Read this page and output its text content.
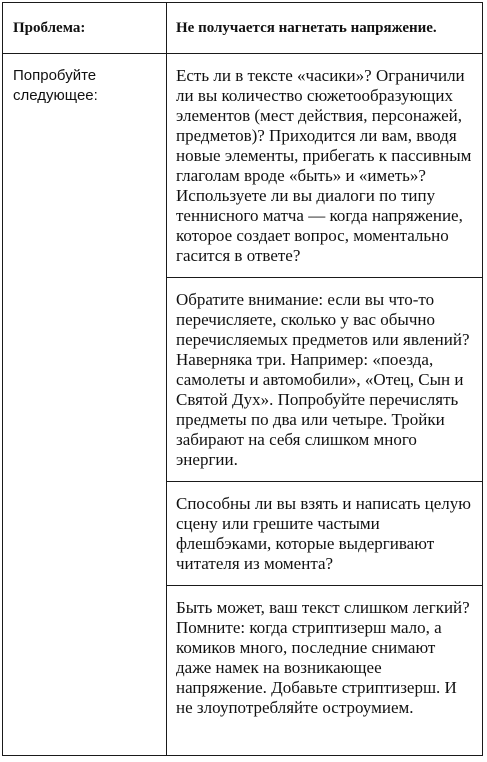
Проблема:	Не получается нагнетать напряжение.
Попробуйте следующее:
Есть ли в тексте «часики»? Ограничили ли вы количество сюжетообразующих элементов (мест действия, персонажей, предметов)? Приходится ли вам, вводя новые элементы, прибегать к пассивным глаголам вроде «быть» и «иметь»? Используете ли вы диалоги по типу теннисного матча — когда напряжение, которое создает вопрос, моментально гасится в ответе?
Обратите внимание: если вы что-то перечисляете, сколько у вас обычно перечисляемых предметов или явлений? Наверняка три. Например: «поезда, самолеты и автомобили», «Отец, Сын и Святой Дух». Попробуйте перечислять предметы по два или четыре. Тройки забирают на себя слишком много энергии.
Способны ли вы взять и написать целую сцену или грешите частыми флешбэками, которые выдергивают читателя из момента?
Быть может, ваш текст слишком легкий? Помните: когда стриптизерш мало, а комиков много, последние снимают даже намек на возникающее напряжение. Добавьте стриптизерш. И не злоупотребляйте остроумием.
